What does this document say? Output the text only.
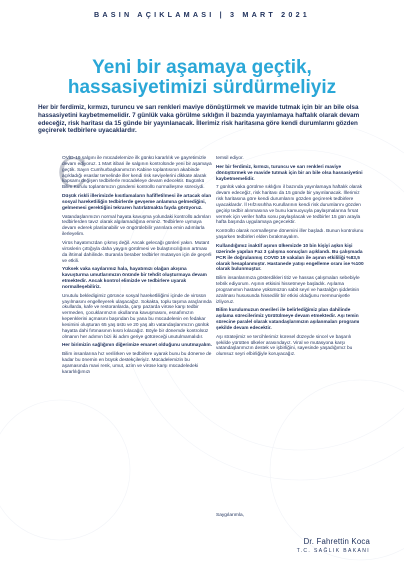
BASIN AÇIKLAMASI | 3 MART 2021
Yeni bir aşamaya geçtik,
hassasiyetimizi sürdürmeliyiz
Her bir ferdimiz, kırmızı, turuncu ve sarı renkleri maviye dönüştürmek ve mavide tutmak için bir an bile olsa hassasiyetini kaybetmemelidir. 7 günlük vaka görülme sıklığın il bazında yayınlamaya haftalık olarak devam edeceğiz, risk haritası da 15 günde bir yayınlanacak. İllerimiz risk haritasına göre kendi durumlarını gözden geçirerek tedbirlere uyacaklardır.
C

OVİD-19 salgını ile mücadelemize ilk günkü kararlılık ve gayretimizle devam ediyoruz. 1 Mart itibari ile salgının kontrolünde yeni bir aşamaya geçtik. Sayın Cumhurbaşkanımızın Kabine toplantısının akabinde açıkladığı esaslar temelinde iller kendi risk seviyelerini dikkate alarak kapsamı değişen tedbirlerle mücadeleye devam edecektir. Bugünkü Bilim Kurulu toplantımızın gündemi kontrollü normalleşme süreciydi.

Düşük riskli illerimizde kısıtlamaların hafifletilmesi ile artacak olan sosyal hareketliliğin tedbirlerde gevşeme anlamına gelmediğini, gelmemesi gerektiğini tekraren hatırlatmakta fayda görüyoruz.

Vatandaşlarımızın normal hayata kavuşma yolundaki kontrollü adımları tedbirlerden tavız olarak algılamadığına eminiz. Tedbirlere uymaya devam ederek planlanabilir ve öngörülebilir yarınlara emin adımlarla ilerleyelim.

Virüs hayatımızdan çıkmış değil. Ancak gelecağı günleri yakın. Mutant virüslerin çıttığıyla daha yaygın görülmesi ve bulaştırıcılığının artması da ihtimal dahilinde. Buranıla beraber tedbirler mutasyon için de geçerli ve etkili.

Yüksek vaka sayılarımız hala, hayatımızı olağan akışına kavuşturma umutlarımızın önünde bir tehdit oluşturmaya devam etmektedir. Ancak kontrol elimizde ve tedbirlere uyarak normalleşebiliriz.

Unutulu bekledigimiz görünce sosyal hareketliliğimi içinde de virüsün yayılmasını engelleyerek ulaşacağız. Sokakta, toplu taşıma araçlarında okullarda, kafe ve restoranlarda, çarşı pazarda virüse karşı tedbir vermeden, çocuklarımızın okullarına kavuşmasını, esnafımızın kepenklerini açmasını başından bu yana bu mücadelenin en fedakar kesimini oluşturan 65 yaş üstü ve 20 yaş altı vatandaşlarımızın günlük hayatta dahi fırtınasının kısıtı kılacağız. Böyle bir dönemde kontrolsüz olmanın her adımın bizi iki adım geriye götüreceği unutulmamalıdır.

Her birimizin sağlığının diğerimize emanet olduğunu unutmayalım.

Bilim insanlarına hız verilirken ve tedbirlere uyarak bunu bu döneme de kadar bu önemin en büyük destekçileriyiz. Mücadelemizin bu aşamasında mavi renk, umut, azim ve virüse karşı mücadeledeki kararlılığımızı

temsil ediyor.

Her bir ferdimiz, kırmızı, turuncu ve sarı renkleri maviye dönüştürmek ve mavide tutmak için bir an bile olsa hassasiyetini kaybetmemelidir.

7 günlük vaka görülme sıklığını il bazında yayınlamaya haftalık olarak devam edeceğiz, risk haritası da 15 günde bir yayınlanacak. İllerimiz risk haritasına göre kendi durumlarını gözden geçirerek tedbirlere uyacaklardır. İl Hıfzıssıhha Kurullarının kendi risk durumlarını gözden geçirip tedbir alınmasına ve bunu kamuoyuyla paylaşmalarına fırsat vermek için veriler hafta sonu paylaşılacak ve tedbirler 15 gün arayla hafta başında uygulamaya geçecektir.

Kontrollü olarak normalleşme dönemini iller başladı. Bunun kontrolunu yaşarken tedbirleri elden bırakmayalım.

Kullandığımız inaktif aşının ülkemizde 10 bin kişiyi aşkın kişi üzerinde yapılan Faz 3 çalışma sonuçları açıklandı. Bu çalışmada PCR ile doğrulanmış COVID 19 vakaları ile aşının etkililiği %83,5 olarak hesaplanmıştır. Hastanede yatışı engelleme oranı ise %100 olarak bulunmuştur.

Bilim insanlarımıza gösterdikleri titiz ve hassas çalışmaları sebebiyle tebrik ediyorum. Aşının etkisini hissetmeye başladık. Aşılama programımın hastane yükümüzün sabit seyri ve hastalığın şiddetinin azalması hususunda hissedilir bir etkisi olduğunu memnuniyetle izliyoruz.

Bilim kurulumuzun önerileri ile belirlediğimiz plan dahilinde aşılama sürecilerimiz yürütülmeye devam etmektedir. Aşı temin sürecine paralel olarak vatandaşlarımızın aşılanmaları programı şekilde devam edecektir.

Aşı stratejimiz ve tercihlerimiz küresel düzeyde sincel ve başarılı şekilde yürütten ülkeler arasındayız. Viral ve mutasyona karşı vatandaşlarımızın destek ve işbirliğini, sayesinde yaşadığımız bu olumsuz seyri elbirliğiyle koruyacağız.

Saygılarımla,
Dr. Fahrettin Koca
T.C. SAĞLIK BAKANI
